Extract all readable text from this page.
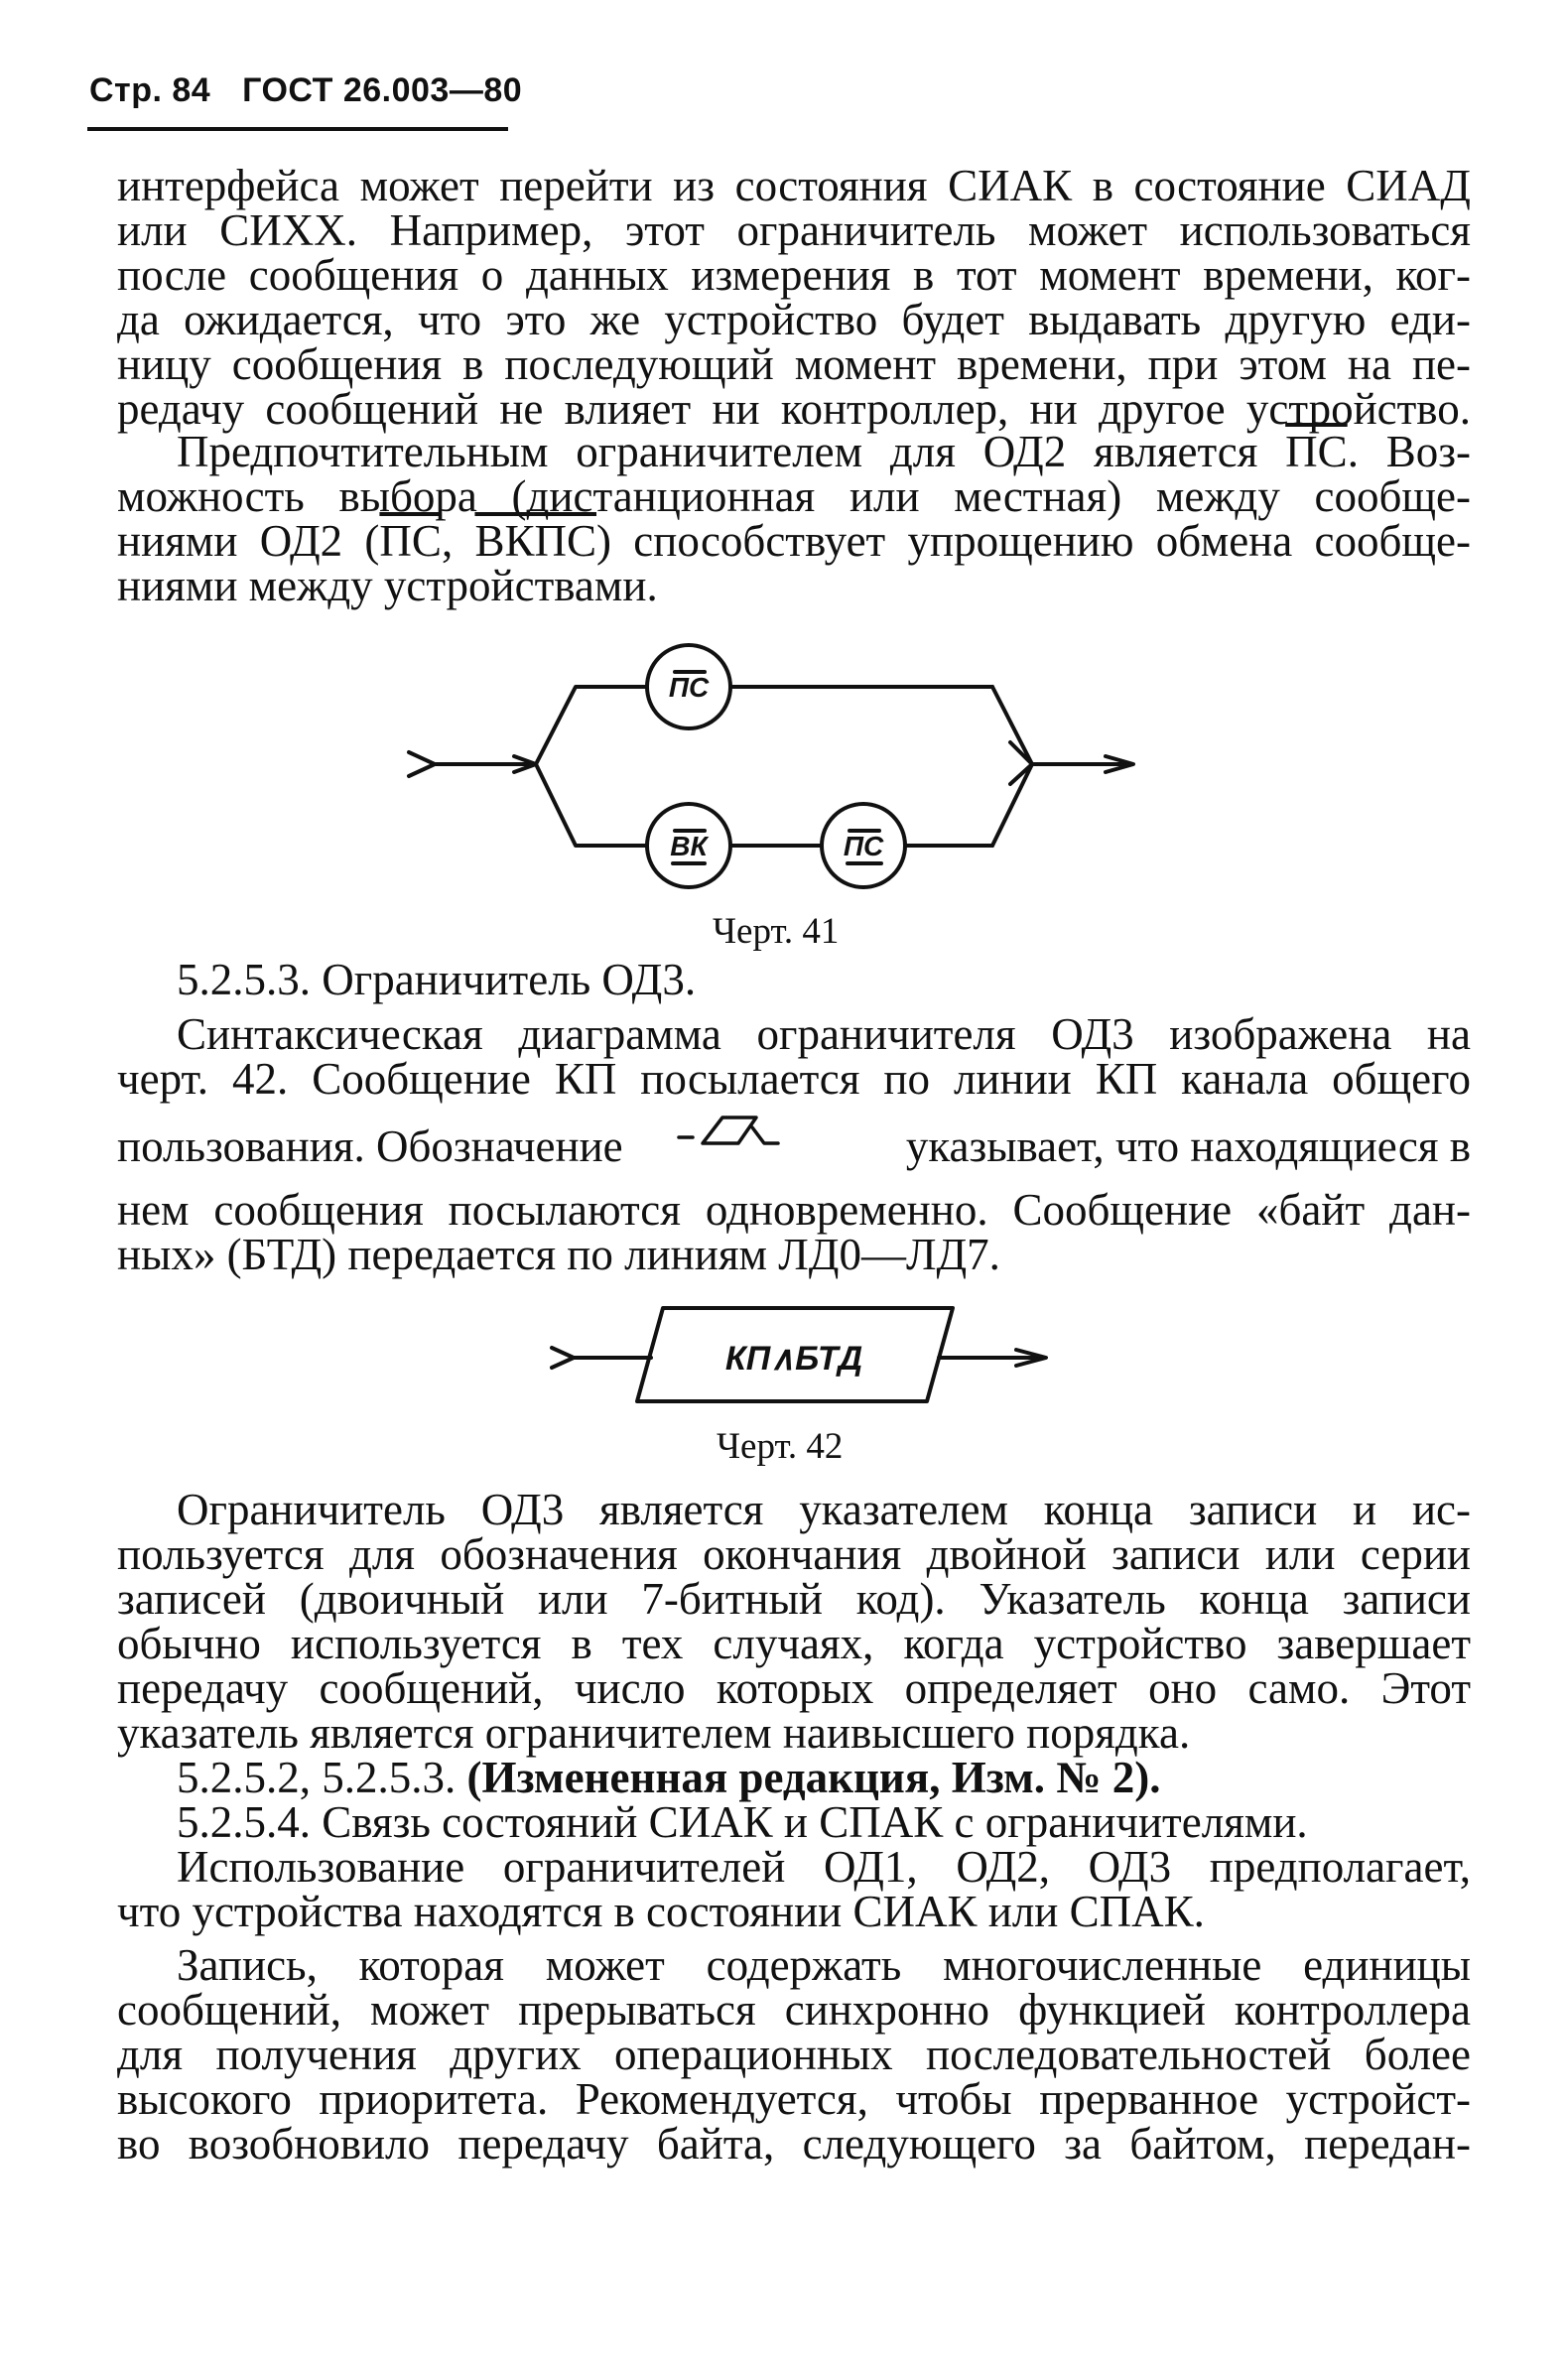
Стр. 84 ГОСТ 26.003—80
интерфейса может перейти из состояния СИАК в состояние СИАД
или СИХХ. Например, этот ограничитель может использоваться
после сообщения о данных измерения в тот момент времени, ког-
да ожидается, что это же устройство будет выдавать другую еди-
ницу сообщения в последующий момент времени, при этом на пе-
редачу сообщений не влияет ни контроллер, ни другое устройство.
Предпочтительным ограничителем для ОД2 является ПС. Воз-
можность выбора (дистанционная или местная) между сообще-
ниями ОД2 (ПС, ВКПС) способствует упрощению обмена сообще-
ниями между устройствами.
ПС
ВК	ПС
Черт. 41
5.2.5.3. Ограничитель ОД3.
Синтаксическая диаграмма ограничителя ОД3 изображена на
черт. 42. Сообщение КП посылается по линии КП канала общего
пользования. Обозначение	указывает, что находящиеся в
нем сообщения посылаются одновременно. Сообщение «байт дан-
ных» (БТД) передается по линиям ЛД0—ЛД7.
КП∧БТД
Черт. 42
Ограничитель ОД3 является указателем конца записи и ис-
пользуется для обозначения окончания двойной записи или серии
записей (двоичный или 7-битный код). Указатель конца записи
обычно используется в тех случаях, когда устройство завершает
передачу сообщений, число которых определяет оно само. Этот
указатель является ограничителем наивысшего порядка.
5.2.5.2, 5.2.5.3. (Измененная редакция, Изм. № 2).
5.2.5.4. Связь состояний СИАК и СПАК с ограничителями.
Использование ограничителей ОД1, ОД2, ОД3 предполагает,
что устройства находятся в состоянии СИАК или СПАК.
Запись, которая может содержать многочисленные единицы
сообщений, может прерываться синхронно функцией контроллера
для получения других операционных последовательностей более
высокого приоритета. Рекомендуется, чтобы прерванное устройст-
во возобновило передачу байта, следующего за байтом, передан-
